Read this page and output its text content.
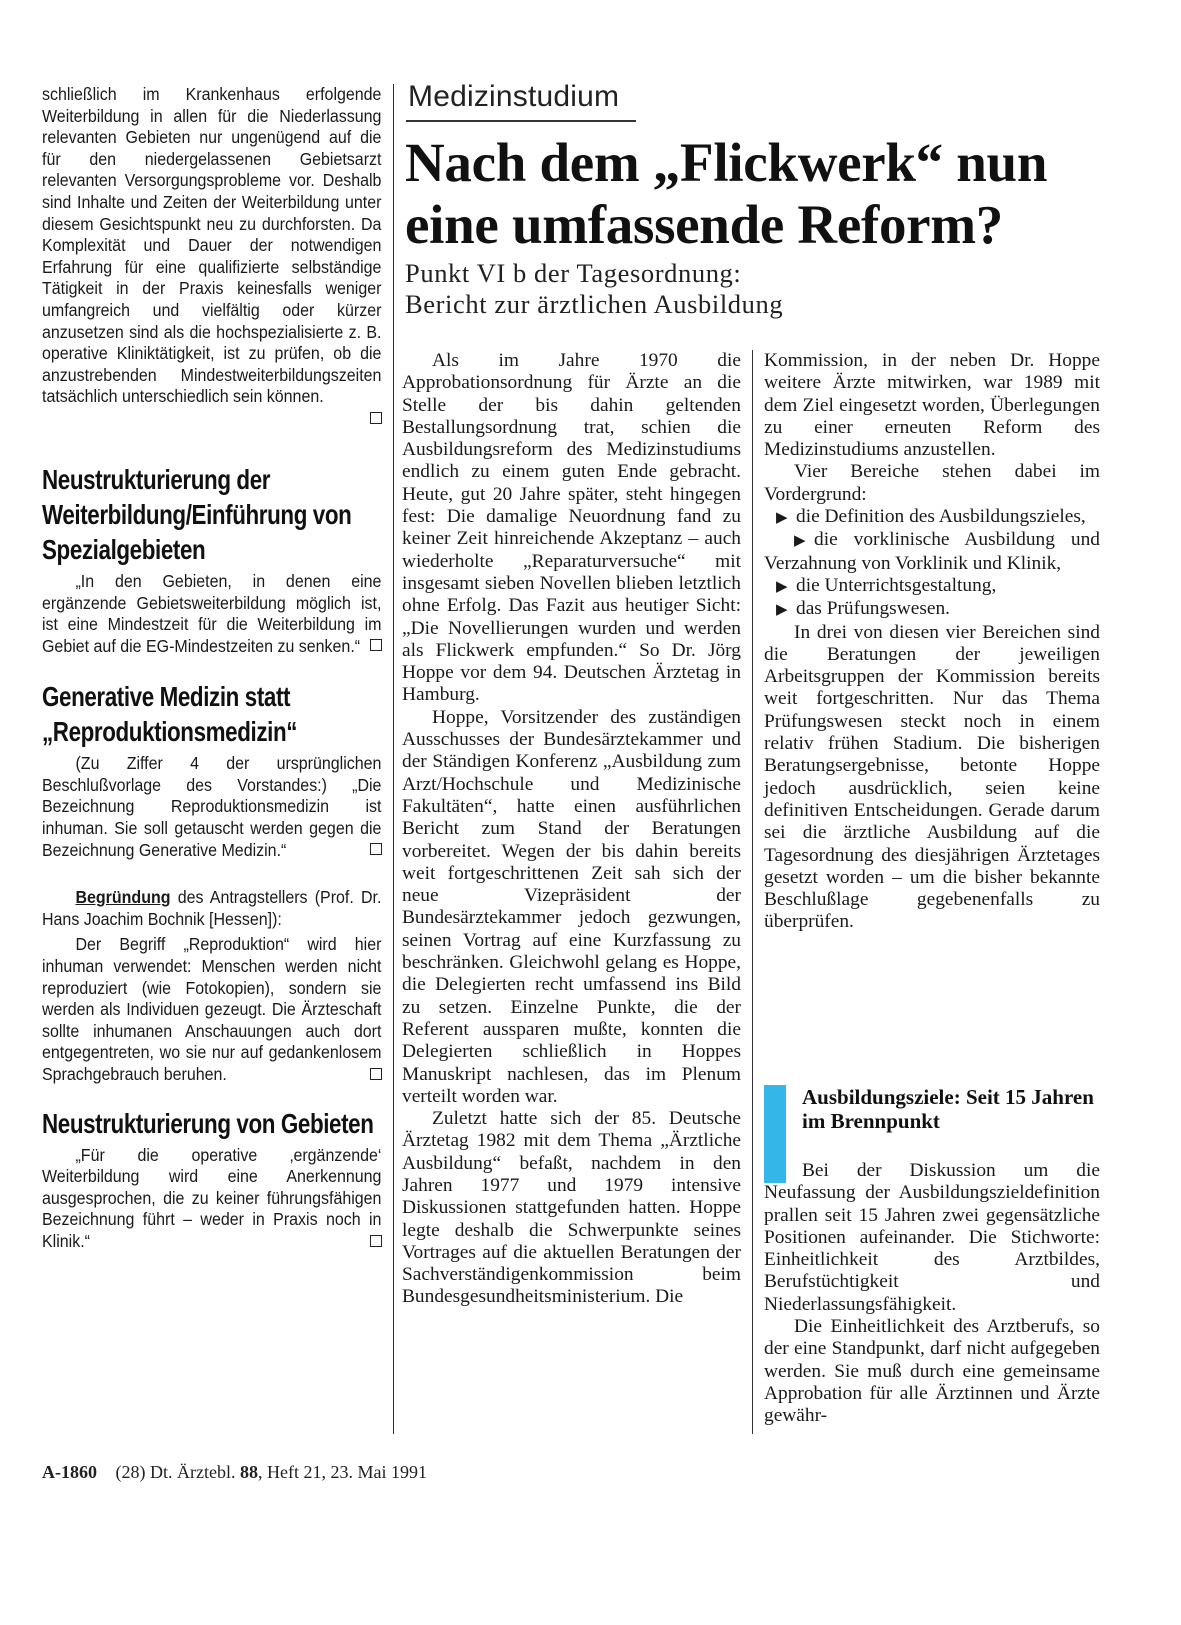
schließlich im Krankenhaus erfolgende Weiterbildung in allen für die Niederlassung relevanten Gebieten nur ungenügend auf die für den niedergelassenen Gebietsarzt relevanten Versorgungsprobleme vor. Deshalb sind Inhalte und Zeiten der Weiterbildung unter diesem Gesichtspunkt neu zu durchforsten. Da Komplexität und Dauer der notwendigen Erfahrung für eine qualifizierte selbständige Tätigkeit in der Praxis keinesfalls weniger umfangreich und vielfältig oder kürzer anzusetzen sind als die hochspezialisierte z. B. operative Kliniktätigkeit, ist zu prüfen, ob die anzustrebenden Mindestweiterbildungszeiten tatsächlich unterschiedlich sein können.

Neustrukturierung der Weiterbildung/Einführung von Spezialgebieten

„In den Gebieten, in denen eine ergänzende Gebietsweiterbildung möglich ist, ist eine Mindestzeit für die Weiterbildung im Gebiet auf die EG-Mindestzeiten zu senken.“

Generative Medizin statt „Reproduktionsmedizin“

(Zu Ziffer 4 der ursprünglichen Beschlußvorlage des Vorstandes:) „Die Bezeichnung Reproduktionsmedizin ist inhuman. Sie soll getauscht werden gegen die Bezeichnung Generative Medizin.“

Begründung des Antragstellers (Prof. Dr. Hans Joachim Bochnik [Hessen]):

Der Begriff „Reproduktion“ wird hier inhuman verwendet: Menschen werden nicht reproduziert (wie Fotokopien), sondern sie werden als Individuen gezeugt. Die Ärzteschaft sollte inhumanen Anschauungen auch dort entgegentreten, wo sie nur auf gedankenlosem Sprachgebrauch beruhen.

Neustrukturierung von Gebieten

„Für die operative ‚ergänzende‘ Weiterbildung wird eine Anerkennung ausgesprochen, die zu keiner führungsfähigen Bezeichnung führt – weder in Praxis noch in Klinik.“

Medizinstudium
Nach dem „Flickwerk“ nun eine umfassende Reform?
Punkt VI b der Tagesordnung:
Bericht zur ärztlichen Ausbildung

Als im Jahre 1970 die Approbationsordnung für Ärzte an die Stelle der bis dahin geltenden Bestallungsordnung trat, schien die Ausbildungsreform des Medizinstudiums endlich zu einem guten Ende gebracht. Heute, gut 20 Jahre später, steht hingegen fest: Die damalige Neuordnung fand zu keiner Zeit hinreichende Akzeptanz – auch wiederholte „Reparaturversuche“ mit insgesamt sieben Novellen blieben letztlich ohne Erfolg. Das Fazit aus heutiger Sicht: „Die Novellierungen wurden und werden als Flickwerk empfunden.“ So Dr. Jörg Hoppe vor dem 94. Deutschen Ärztetag in Hamburg.

Hoppe, Vorsitzender des zuständigen Ausschusses der Bundesärztekammer und der Ständigen Konferenz „Ausbildung zum Arzt/Hochschule und Medizinische Fakultäten“, hatte einen ausführlichen Bericht zum Stand der Beratungen vorbereitet. Wegen der bis dahin bereits weit fortgeschrittenen Zeit sah sich der neue Vizepräsident der Bundesärztekammer jedoch gezwungen, seinen Vortrag auf eine Kurzfassung zu beschränken. Gleichwohl gelang es Hoppe, die Delegierten recht umfassend ins Bild zu setzen. Einzelne Punkte, die der Referent aussparen mußte, konnten die Delegierten schließlich in Hoppes Manuskript nachlesen, das im Plenum verteilt worden war.

Zuletzt hatte sich der 85. Deutsche Ärztetag 1982 mit dem Thema „Ärztliche Ausbildung“ befaßt, nachdem in den Jahren 1977 und 1979 intensive Diskussionen stattgefunden hatten. Hoppe legte deshalb die Schwerpunkte seines Vortrages auf die aktuellen Beratungen der Sachverständigenkommission beim Bundesgesundheitsministerium. Die

Kommission, in der neben Dr. Hoppe weitere Ärzte mitwirken, war 1989 mit dem Ziel eingesetzt worden, Überlegungen zu einer erneuten Reform des Medizinstudiums anzustellen.

Vier Bereiche stehen dabei im Vordergrund:

▶ die Definition des Ausbildungszieles,

▶ die vorklinische Ausbildung und Verzahnung von Vorklinik und Klinik,

▶ die Unterrichtsgestaltung,

▶ das Prüfungswesen.

In drei von diesen vier Bereichen sind die Beratungen der jeweiligen Arbeitsgruppen der Kommission bereits weit fortgeschritten. Nur das Thema Prüfungswesen steckt noch in einem relativ frühen Stadium. Die bisherigen Beratungsergebnisse, betonte Hoppe jedoch ausdrücklich, seien keine definitiven Entscheidungen. Gerade darum sei die ärztliche Ausbildung auf die Tagesordnung des diesjährigen Ärztetages gesetzt worden – um die bisher bekannte Beschlußlage gegebenenfalls zu überprüfen.

Ausbildungsziele: Seit 15 Jahren im Brennpunkt

Bei der Diskussion um die Neufassung der Ausbildungszieldefinition prallen seit 15 Jahren zwei gegensätzliche Positionen aufeinander. Die Stichworte: Einheitlichkeit des Arztbildes, Berufstüchtigkeit und Niederlassungsfähigkeit.

Die Einheitlichkeit des Arztberufs, so der eine Standpunkt, darf nicht aufgegeben werden. Sie muß durch eine gemeinsame Approbation für alle Ärztinnen und Ärzte gewähr-

A-1860 (28) Dt. Ärztebl. 88, Heft 21, 23. Mai 1991
